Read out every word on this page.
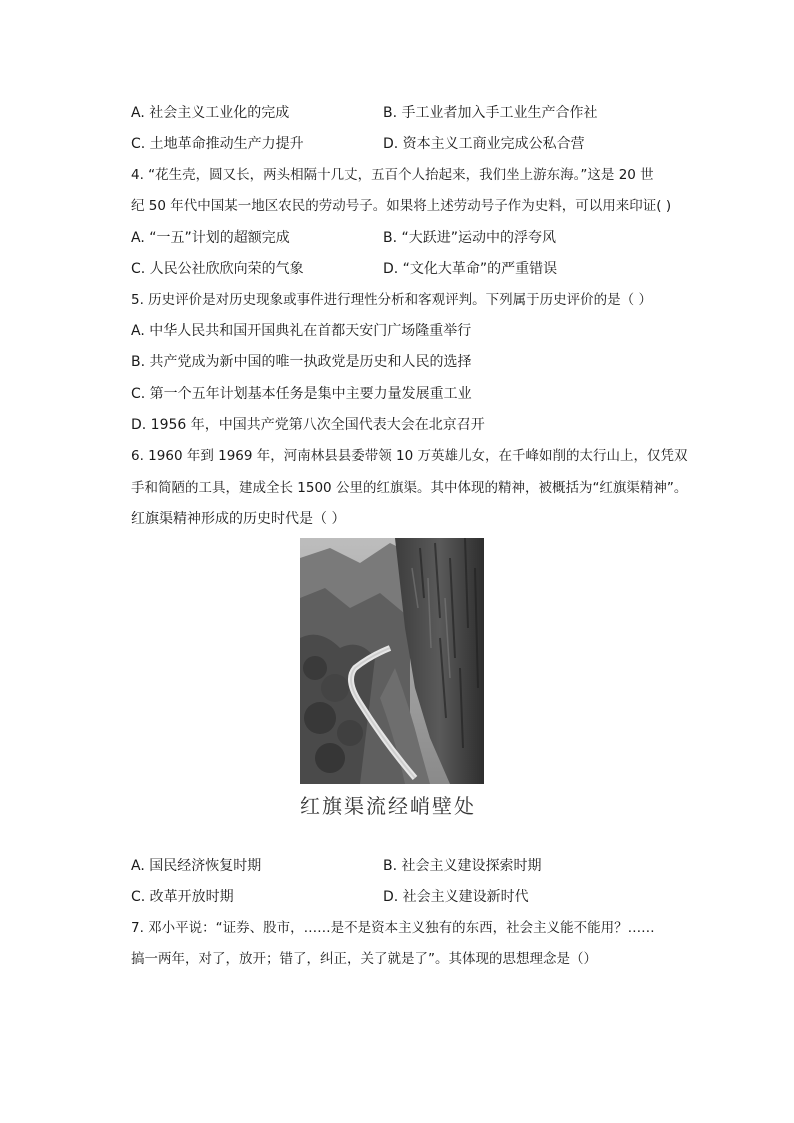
A. 社会主义工业化的完成	B. 手工业者加入手工业生产合作社
C. 土地革命推动生产力提升	D. 资本主义工商业完成公私合营
4. “花生壳，圆又长，两头相隔十几丈，五百个人抬起来，我们坐上游东海。”这是 20 世
纪 50 年代中国某一地区农民的劳动号子。如果将上述劳动号子作为史料，可以用来印证( )
A. “一五”计划的超额完成	B. “大跃进”运动中的浮夸风
C. 人民公社欣欣向荣的气象	D. “文化大革命”的严重错误
5. 历史评价是对历史现象或事件进行理性分析和客观评判。下列属于历史评价的是（ ）
A. 中华人民共和国开国典礼在首都天安门广场隆重举行
B. 共产党成为新中国的唯一执政党是历史和人民的选择
C. 第一个五年计划基本任务是集中主要力量发展重工业
D. 1956 年，中国共产党第八次全国代表大会在北京召开
6. 1960 年到 1969 年，河南林县县委带领 10 万英雄儿女，在千峰如削的太行山上，仅凭双
手和简陋的工具，建成全长 1500 公里的红旗渠。其中体现的精神，被概括为“红旗渠精神”。
红旗渠精神形成的历史时代是（ ）
红旗渠流经峭壁处
A. 国民经济恢复时期	B. 社会主义建设探索时期
C. 改革开放时期	D. 社会主义建设新时代
7. 邓小平说：“证券、股市，……是不是资本主义独有的东西，社会主义能不能用？……
搞一两年，对了，放开；错了，纠正，关了就是了”。其体现的思想理念是（）
